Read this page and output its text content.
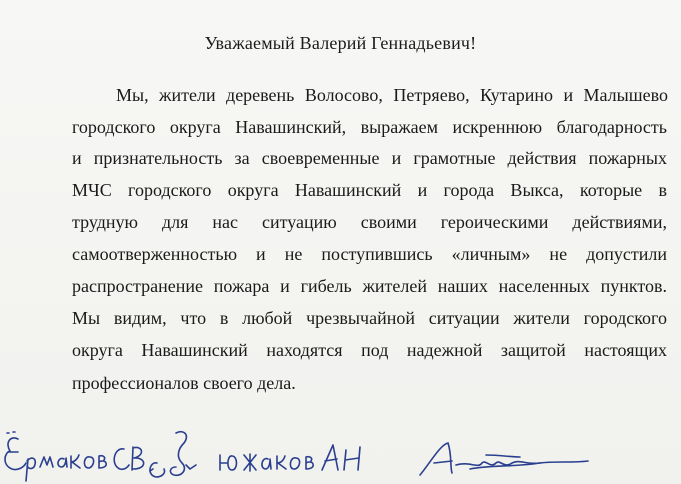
Уважаемый Валерий Геннадьевич!
Мы, жители деревень Волосово, Петряево, Кутарино и Малышево
городского округа Навашинский, выражаем искреннюю благодарность
и признательность за своевременные и грамотные действия пожарных
МЧС городского округа Навашинский и города Выкса, которые в
трудную для нас ситуацию своими героическими действиями,
самоотверженностью и не поступившись «личным» не допустили
распространение пожара и гибель жителей наших населенных пунктов.
Мы видим, что в любой чрезвычайной ситуации жители городского
округа Навашинский находятся под надежной защитой настоящих
профессионалов своего дела.
